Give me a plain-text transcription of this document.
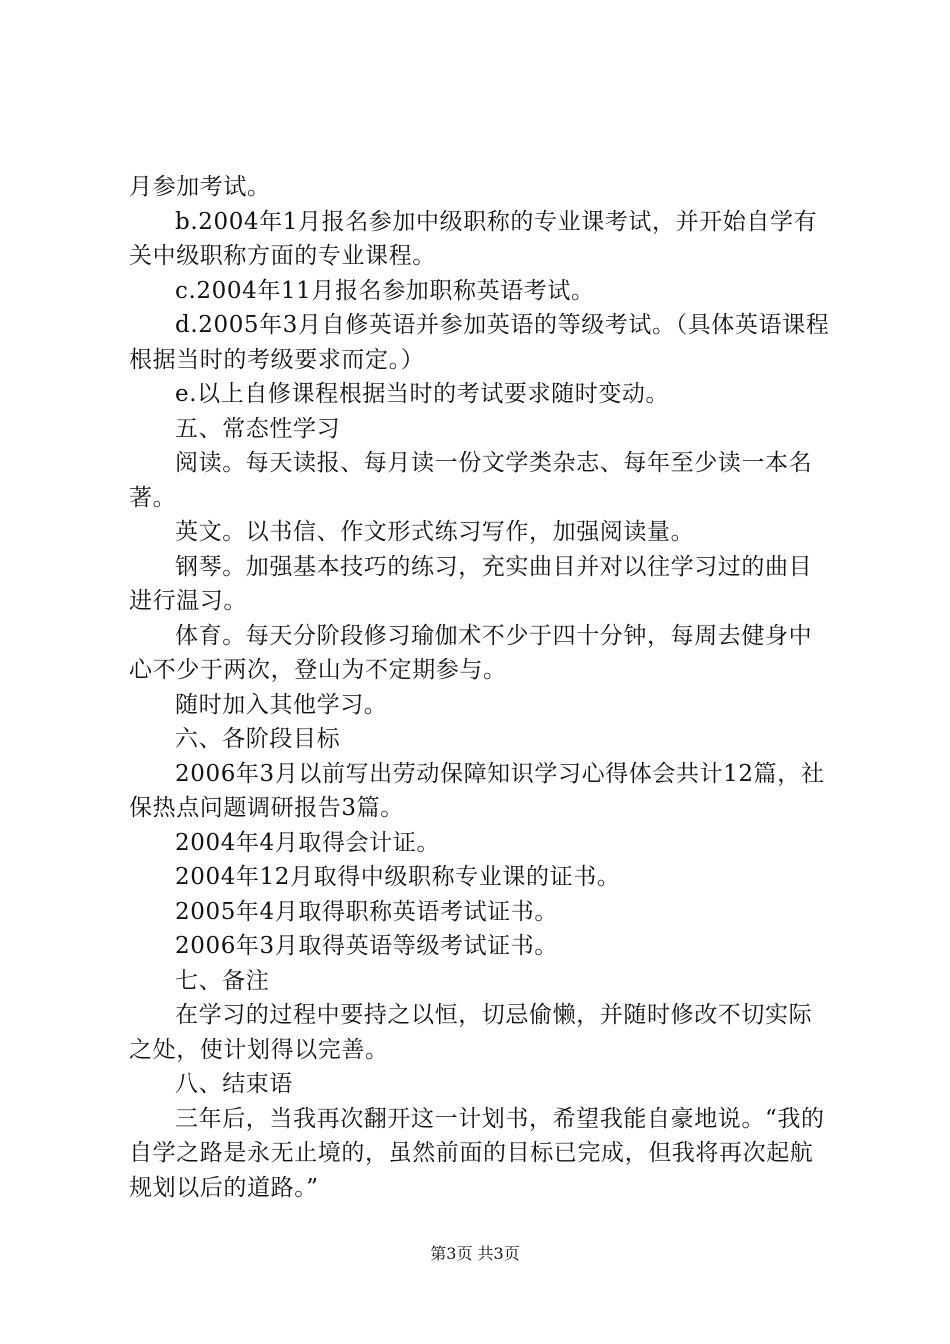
月参加考试。

b.2004年1月报名参加中级职称的专业课考试，并开始自学有关中级职称方面的专业课程。

c.2004年11月报名参加职称英语考试。

d.2005年3月自修英语并参加英语的等级考试。（具体英语课程根据当时的考级要求而定。）

e.以上自修课程根据当时的考试要求随时变动。

五、常态性学习

阅读。每天读报、每月读一份文学类杂志、每年至少读一本名著。

英文。以书信、作文形式练习写作，加强阅读量。

钢琴。加强基本技巧的练习，充实曲目并对以往学习过的曲目进行温习。

体育。每天分阶段修习瑜伽术不少于四十分钟，每周去健身中心不少于两次，登山为不定期参与。

随时加入其他学习。

六、各阶段目标

2006年3月以前写出劳动保障知识学习心得体会共计12篇，社保热点问题调研报告3篇。

2004年4月取得会计证。

2004年12月取得中级职称专业课的证书。

2005年4月取得职称英语考试证书。

2006年3月取得英语等级考试证书。

七、备注

在学习的过程中要持之以恒，切忌偷懒，并随时修改不切实际之处，使计划得以完善。

八、结束语

三年后，当我再次翻开这一计划书，希望我能自豪地说。“我的自学之路是永无止境的，虽然前面的目标已完成，但我将再次起航规划以后的道路。”

第3页 共3页
